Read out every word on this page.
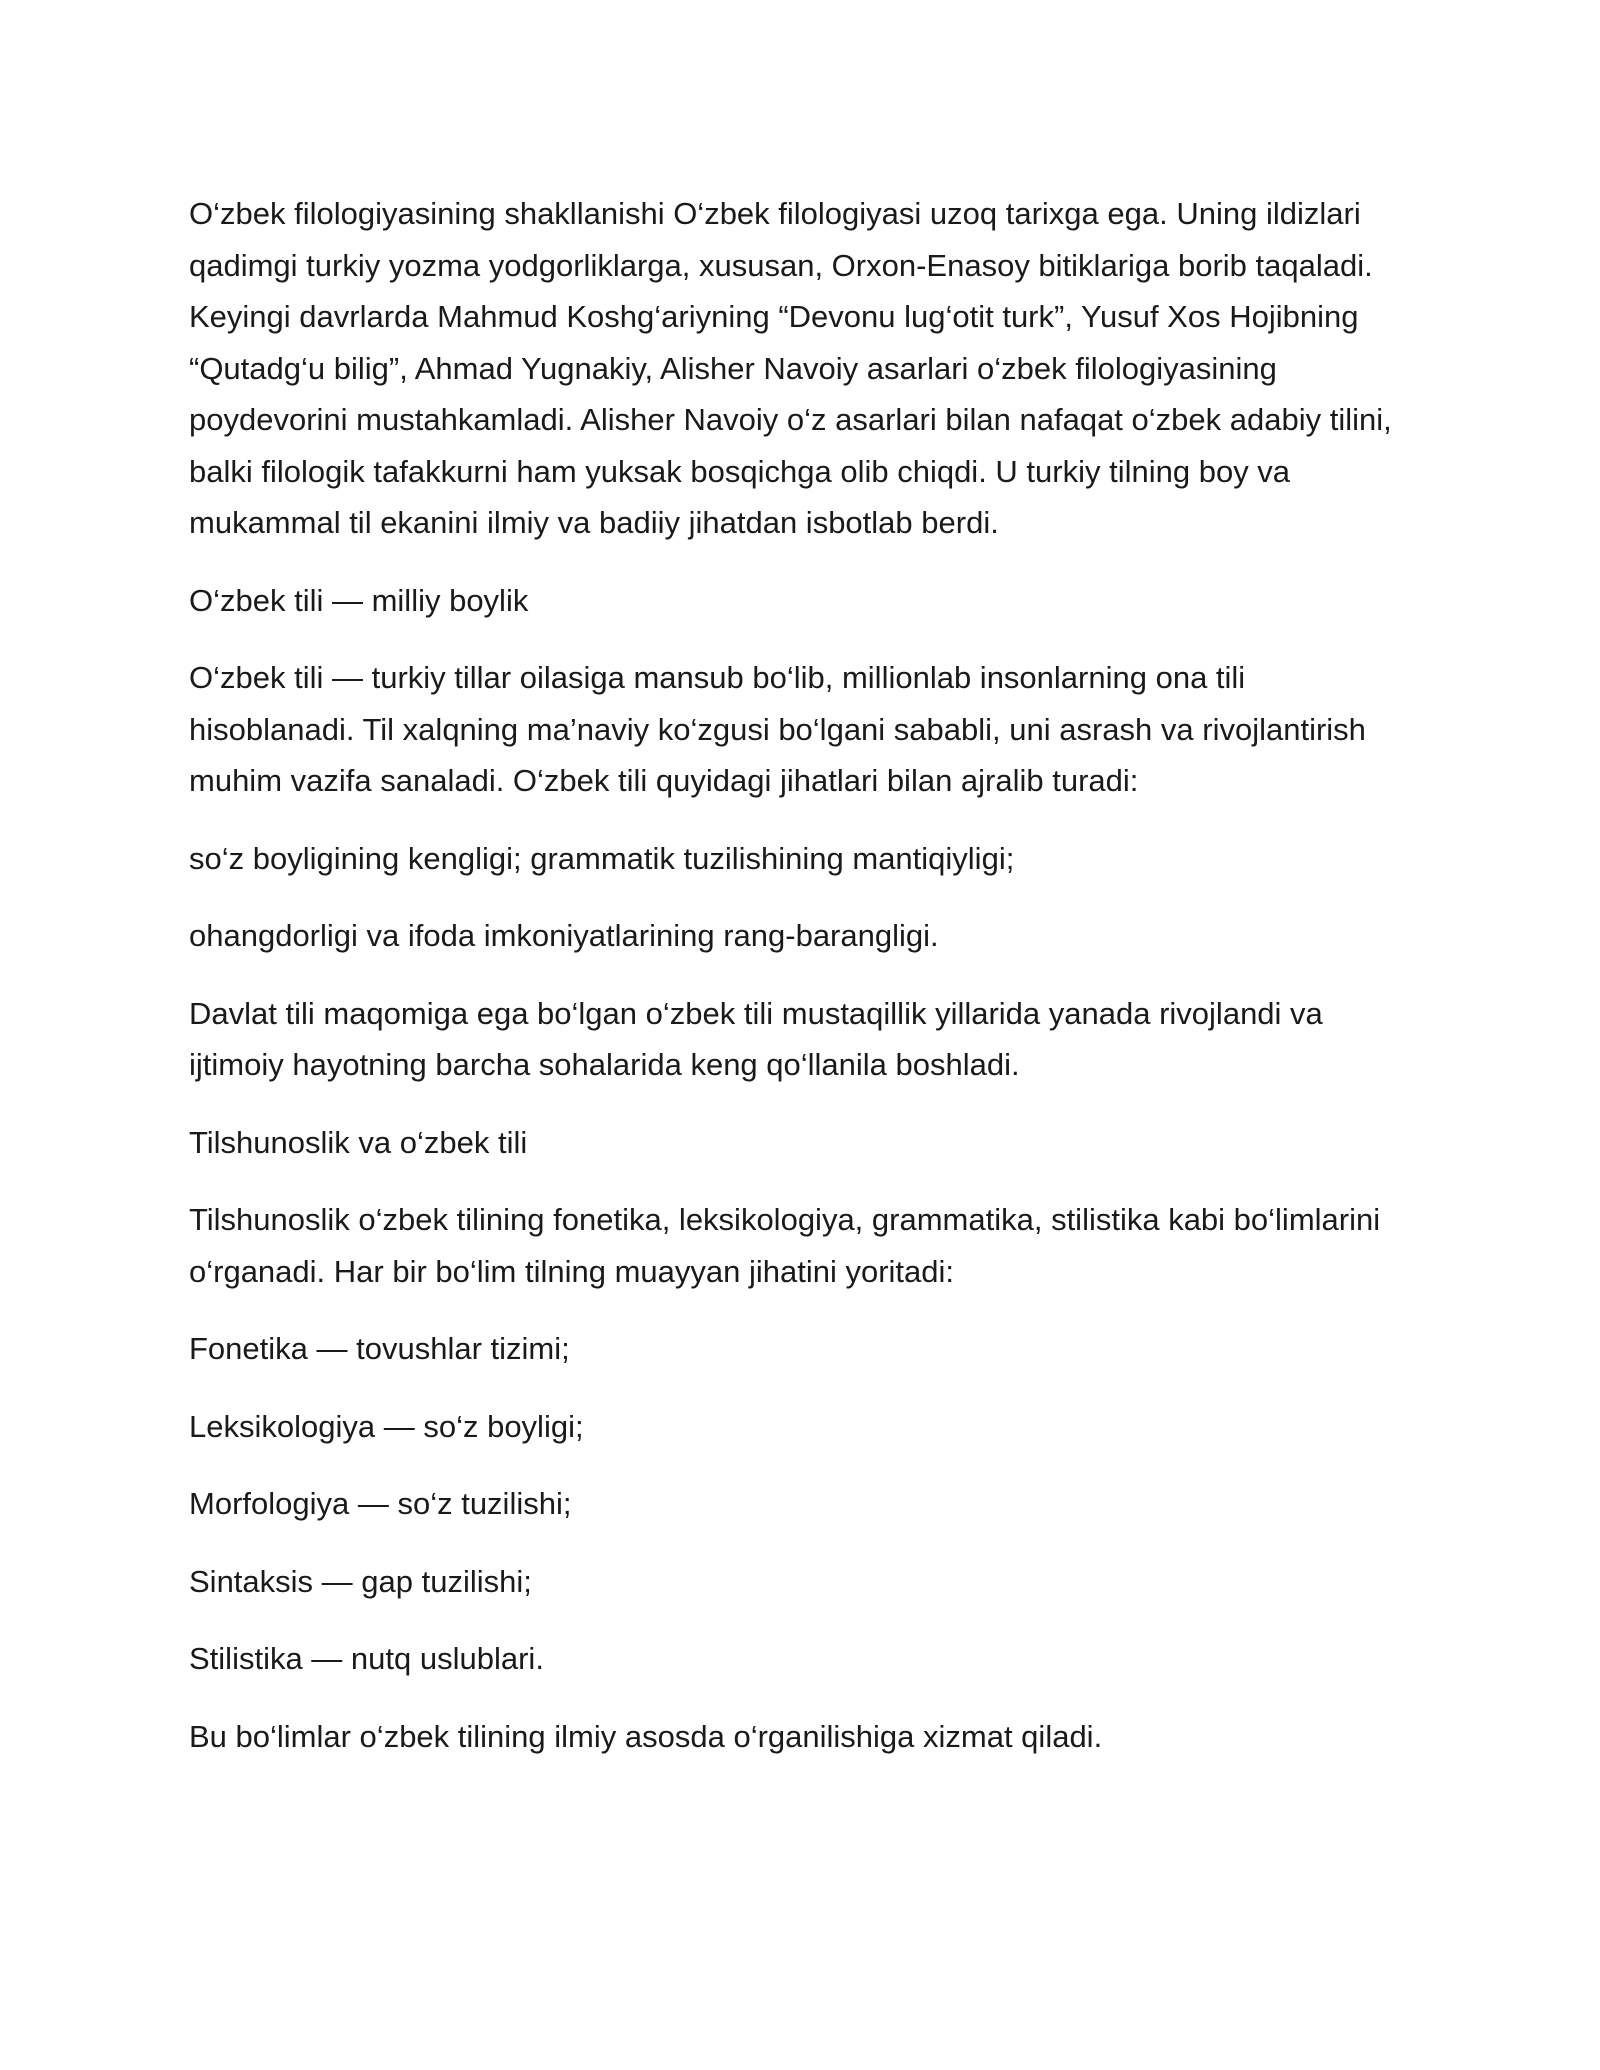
O‘zbek filologiyasining shakllanishi O‘zbek filologiyasi uzoq tarixga ega. Uning ildizlari qadimgi turkiy yozma yodgorliklarga, xususan, Orxon-Enasoy bitiklariga borib taqaladi. Keyingi davrlarda Mahmud Koshg‘ariyning “Devonu lug‘otit turk”, Yusuf Xos Hojibning “Qutadg‘u bilig”, Ahmad Yugnakiy, Alisher Navoiy asarlari o‘zbek filologiyasining poydevorini mustahkamladi. Alisher Navoiy o‘z asarlari bilan nafaqat o‘zbek adabiy tilini, balki filologik tafakkurni ham yuksak bosqichga olib chiqdi. U turkiy tilning boy va mukammal til ekanini ilmiy va badiiy jihatdan isbotlab berdi.

O‘zbek tili — milliy boylik

O‘zbek tili — turkiy tillar oilasiga mansub bo‘lib, millionlab insonlarning ona tili hisoblanadi. Til xalqning ma’naviy ko‘zgusi bo‘lgani sababli, uni asrash va rivojlantirish muhim vazifa sanaladi. O‘zbek tili quyidagi jihatlari bilan ajralib turadi:

so‘z boyligining kengligi; grammatik tuzilishining mantiqiyligi;

ohangdorligi va ifoda imkoniyatlarining rang-barangligi.

Davlat tili maqomiga ega bo‘lgan o‘zbek tili mustaqillik yillarida yanada rivojlandi va ijtimoiy hayotning barcha sohalarida keng qo‘llanila boshladi.

Tilshunoslik va o‘zbek tili

Tilshunoslik o‘zbek tilining fonetika, leksikologiya, grammatika, stilistika kabi bo‘limlarini o‘rganadi. Har bir bo‘lim tilning muayyan jihatini yoritadi:

Fonetika — tovushlar tizimi;

Leksikologiya — so‘z boyligi;

Morfologiya — so‘z tuzilishi;

Sintaksis — gap tuzilishi;

Stilistika — nutq uslublari.

Bu bo‘limlar o‘zbek tilining ilmiy asosda o‘rganilishiga xizmat qiladi.
